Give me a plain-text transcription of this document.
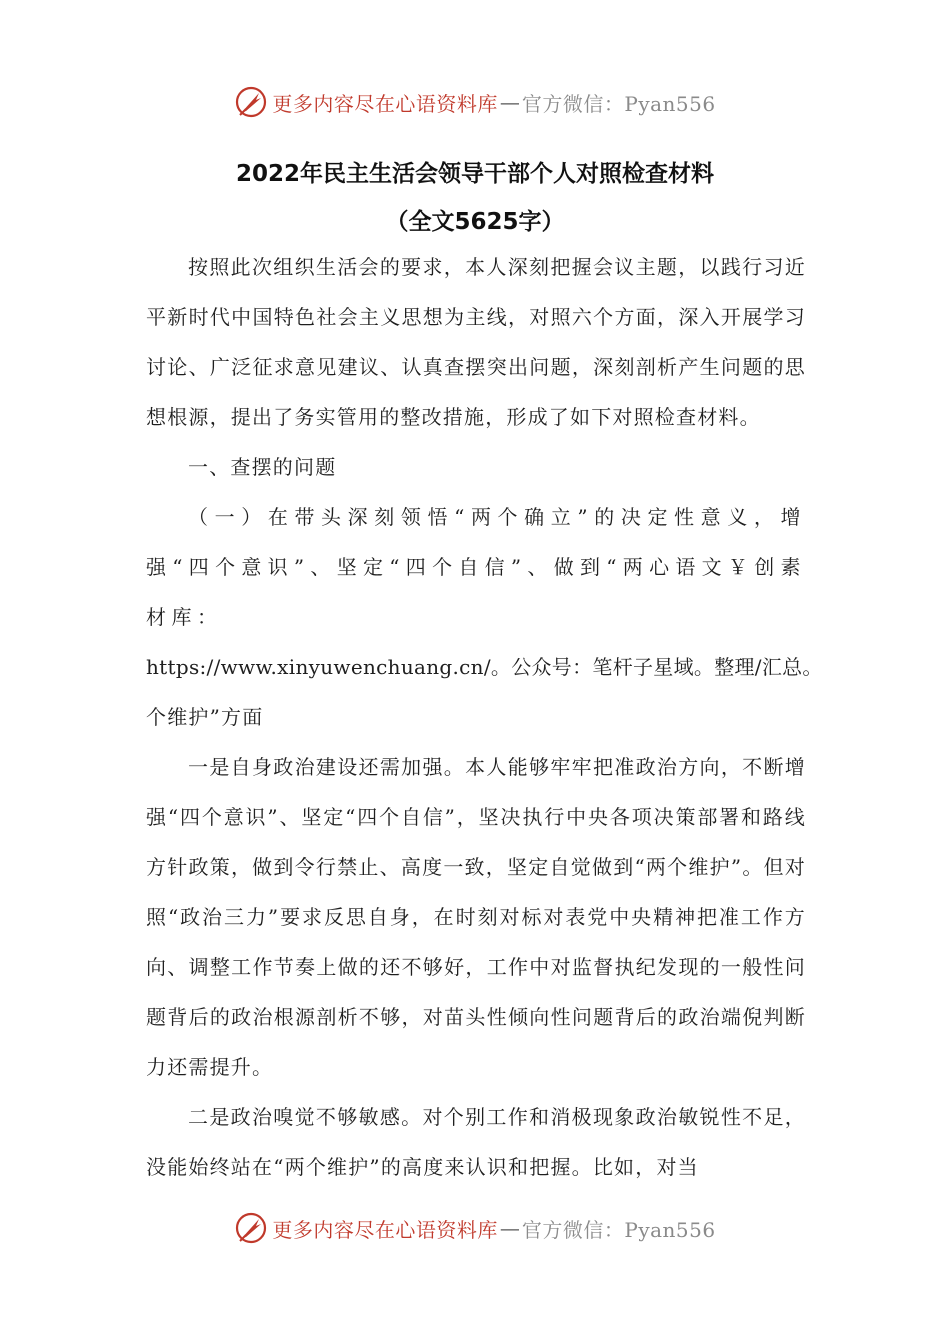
更多内容尽在心语资料库 — 官方微信：Pyan556
2022年民主生活会领导干部个人对照检查材料
（全文5625字）

按照此次组织生活会的要求，本人深刻把握会议主题，以践行习近平新时代中国特色社会主义思想为主线，对照六个方面，深入开展学习讨论、广泛征求意见建议、认真查摆突出问题，深刻剖析产生问题的思想根源，提出了务实管用的整改措施，形成了如下对照检查材料。

一、查摆的问题

（一）在带头深刻领悟“两个确立”的决定性意义，增强“四个意识”、坚定“四个自信”、做到“两心语文￥创素材库：
https://www.xinyuwenchuang.cn/。公众号：笔杆子星域。整理/汇总。
个维护”方面

一是自身政治建设还需加强。本人能够牢牢把准政治方向，不断增强“四个意识”、坚定“四个自信”，坚决执行中央各项决策部署和路线方针政策，做到令行禁止、高度一致，坚定自觉做到“两个维护”。但对照“政治三力”要求反思自身，在时刻对标对表党中央精神把准工作方向、调整工作节奏上做的还不够好，工作中对监督执纪发现的一般性问题背后的政治根源剖析不够，对苗头性倾向性问题背后的政治端倪判断力还需提升。

二是政治嗅觉不够敏感。对个别工作和消极现象政治敏锐性不足，没能始终站在“两个维护”的高度来认识和把握。比如，对当

更多内容尽在心语资料库 — 官方微信：Pyan556
